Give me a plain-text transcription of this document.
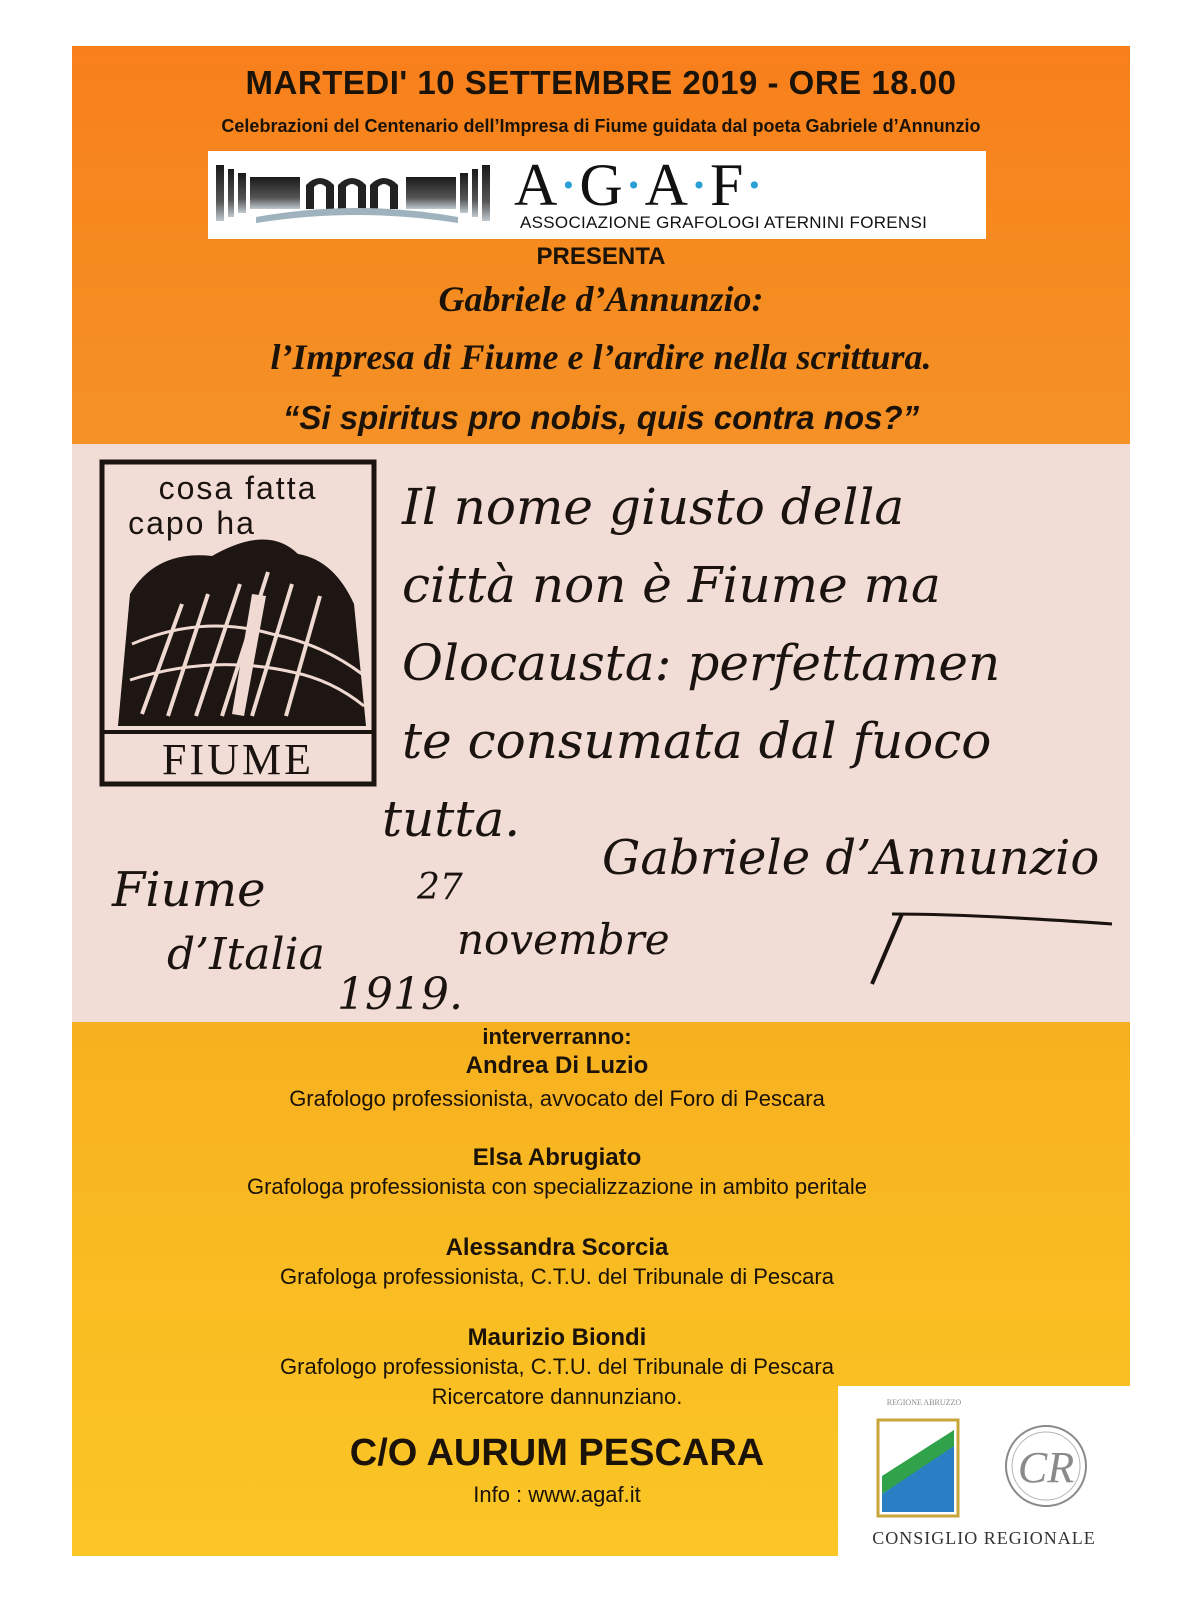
MARTEDI' 10 SETTEMBRE 2019 - ORE 18.00
Celebrazioni del Centenario dell’Impresa di Fiume guidata dal poeta Gabriele d’Annunzio
A·G·A·F·
ASSOCIAZIONE GRAFOLOGI ATERNINI FORENSI
PRESENTA
Gabriele d’Annunzio:
l’Impresa di Fiume e l’ardire nella scrittura.
“Si spiritus pro nobis, quis contra nos?”
cosa fatta
capo ha
FIUME
Il nome giusto della
città non è Fiume ma
Olocausta: perfettamen
te consumata dal fuoco
tutta.
Gabriele d’Annunzio
Fiume	27
d’Italia	novembre
1919.
interverranno:
Andrea Di Luzio
Grafologo professionista, avvocato del Foro di Pescara
Elsa Abrugiato
Grafologa professionista con specializzazione in ambito peritale
Alessandra Scorcia
Grafologa professionista, C.T.U. del Tribunale di Pescara
Maurizio Biondi
Grafologo professionista, C.T.U. del Tribunale di Pescara
Ricercatore dannunziano.
C/O AURUM PESCARA
Info : www.agaf.it
CR
REGIONE ABRUZZO
CONSIGLIO REGIONALE
